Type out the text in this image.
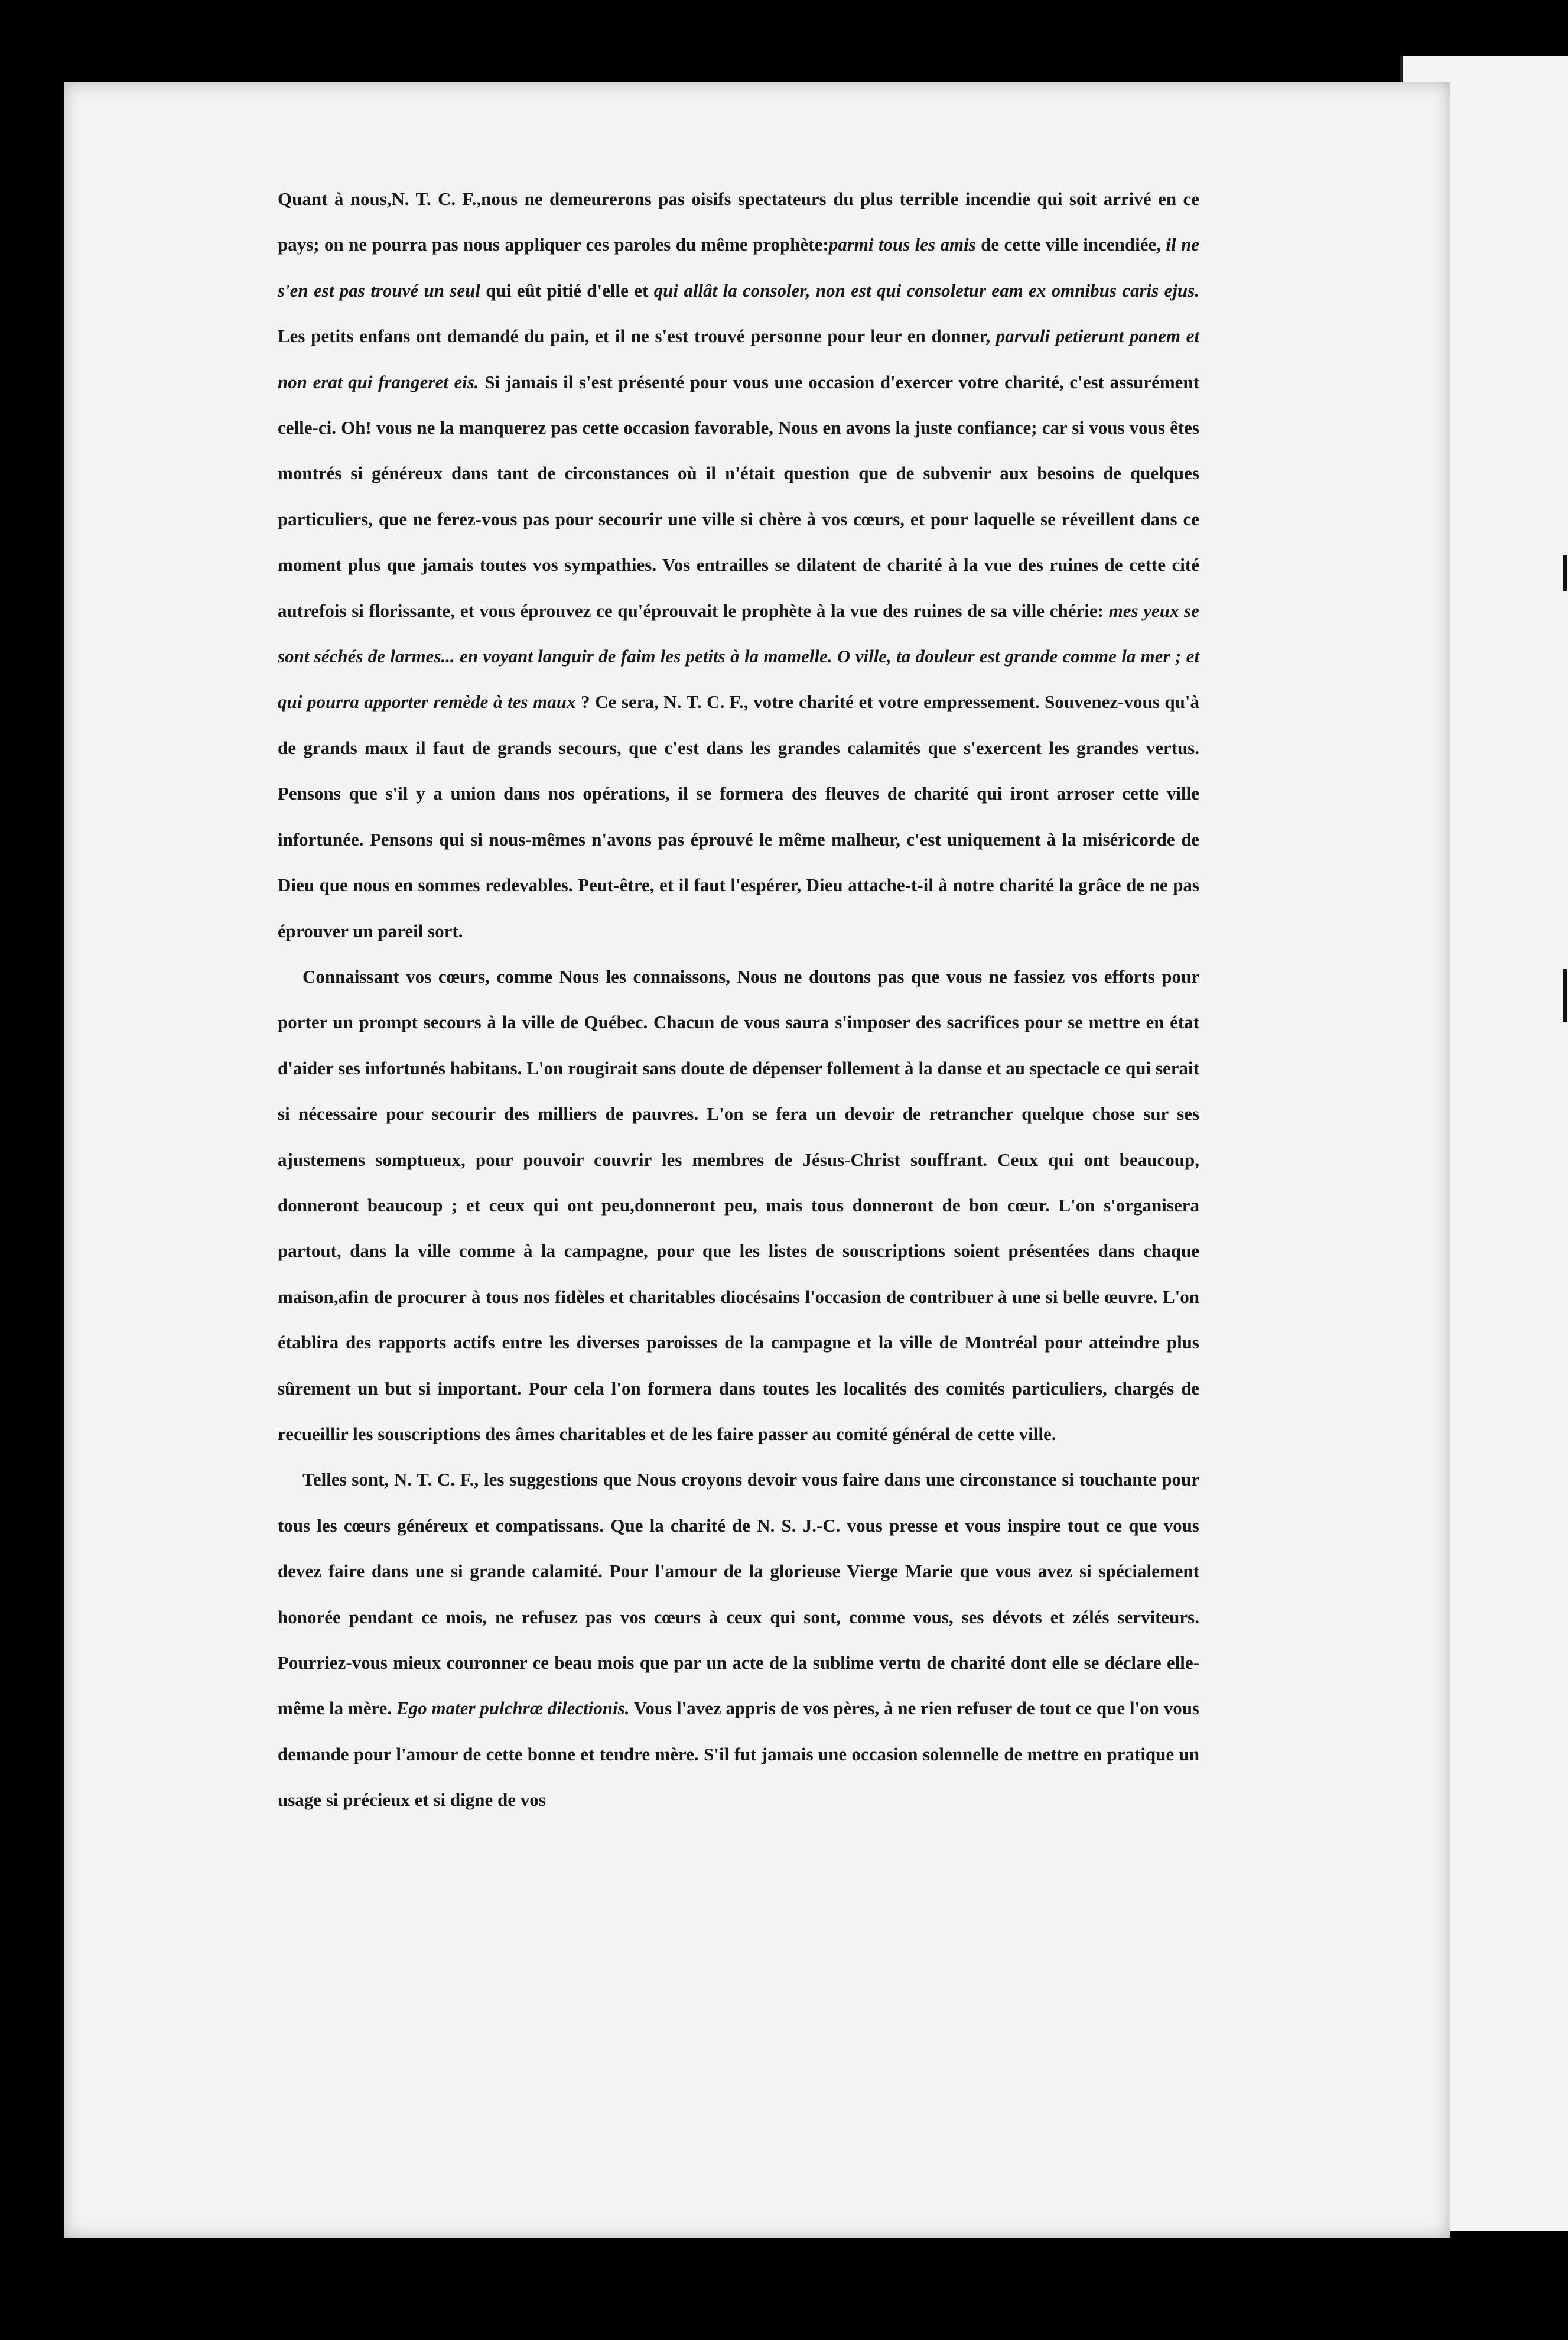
Quant à nous,N. T. C. F.,nous ne demeurerons pas oisifs spectateurs du plus terrible incendie qui soit arrivé en ce pays; on ne pourra pas nous appliquer ces paroles du même prophète:parmi tous les amis de cette ville incendiée, il ne s'en est pas trouvé un seul qui eût pitié d'elle et qui allât la consoler, non est qui consoletur eam ex omnibus caris ejus. Les petits enfans ont demandé du pain, et il ne s'est trouvé personne pour leur en donner, parvuli petierunt panem et non erat qui frangeret eis. Si jamais il s'est présenté pour vous une occasion d'exercer votre charité, c'est assurément celle-ci. Oh! vous ne la manquerez pas cette occasion favorable, Nous en avons la juste confiance; car si vous vous êtes montrés si généreux dans tant de circonstances où il n'était question que de subvenir aux besoins de quelques particuliers, que ne ferez-vous pas pour secourir une ville si chère à vos cœurs, et pour laquelle se réveillent dans ce moment plus que jamais toutes vos sympathies. Vos entrailles se dilatent de charité à la vue des ruines de cette cité autrefois si florissante, et vous éprouvez ce qu'éprouvait le prophète à la vue des ruines de sa ville chérie: mes yeux se sont séchés de larmes... en voyant languir de faim les petits à la mamelle. O ville, ta douleur est grande comme la mer ; et qui pourra apporter remède à tes maux ? Ce sera, N. T. C. F., votre charité et votre empressement. Souvenez-vous qu'à de grands maux il faut de grands secours, que c'est dans les grandes calamités que s'exercent les grandes vertus. Pensons que s'il y a union dans nos opérations, il se formera des fleuves de charité qui iront arroser cette ville infortunée. Pensons qui si nous-mêmes n'avons pas éprouvé le même malheur, c'est uniquement à la miséricorde de Dieu que nous en sommes redevables. Peut-être, et il faut l'espérer, Dieu attache-t-il à notre charité la grâce de ne pas éprouver un pareil sort.

Connaissant vos cœurs, comme Nous les connaissons, Nous ne doutons pas que vous ne fassiez vos efforts pour porter un prompt secours à la ville de Québec. Chacun de vous saura s'imposer des sacrifices pour se mettre en état d'aider ses infortunés habitans. L'on rougirait sans doute de dépenser follement à la danse et au spectacle ce qui serait si nécessaire pour secourir des milliers de pauvres. L'on se fera un devoir de retrancher quelque chose sur ses ajustemens somptueux, pour pouvoir couvrir les membres de Jésus-Christ souffrant. Ceux qui ont beaucoup, donneront beaucoup ; et ceux qui ont peu,donneront peu, mais tous donneront de bon cœur. L'on s'organisera partout, dans la ville comme à la campagne, pour que les listes de souscriptions soient présentées dans chaque maison,afin de procurer à tous nos fidèles et charitables diocésains l'occasion de contribuer à une si belle œuvre. L'on établira des rapports actifs entre les diverses paroisses de la campagne et la ville de Montréal pour atteindre plus sûrement un but si important. Pour cela l'on formera dans toutes les localités des comités particuliers, chargés de recueillir les souscriptions des âmes charitables et de les faire passer au comité général de cette ville.

Telles sont, N. T. C. F., les suggestions que Nous croyons devoir vous faire dans une circonstance si touchante pour tous les cœurs généreux et compatissans. Que la charité de N. S. J.-C. vous presse et vous inspire tout ce que vous devez faire dans une si grande calamité. Pour l'amour de la glorieuse Vierge Marie que vous avez si spécialement honorée pendant ce mois, ne refusez pas vos cœurs à ceux qui sont, comme vous, ses dévots et zélés serviteurs. Pourriez-vous mieux couronner ce beau mois que par un acte de la sublime vertu de charité dont elle se déclare elle-même la mère. Ego mater pulchræ dilectionis. Vous l'avez appris de vos pères, à ne rien refuser de tout ce que l'on vous demande pour l'amour de cette bonne et tendre mère. S'il fut jamais une occasion solennelle de mettre en pratique un usage si précieux et si digne de vos
